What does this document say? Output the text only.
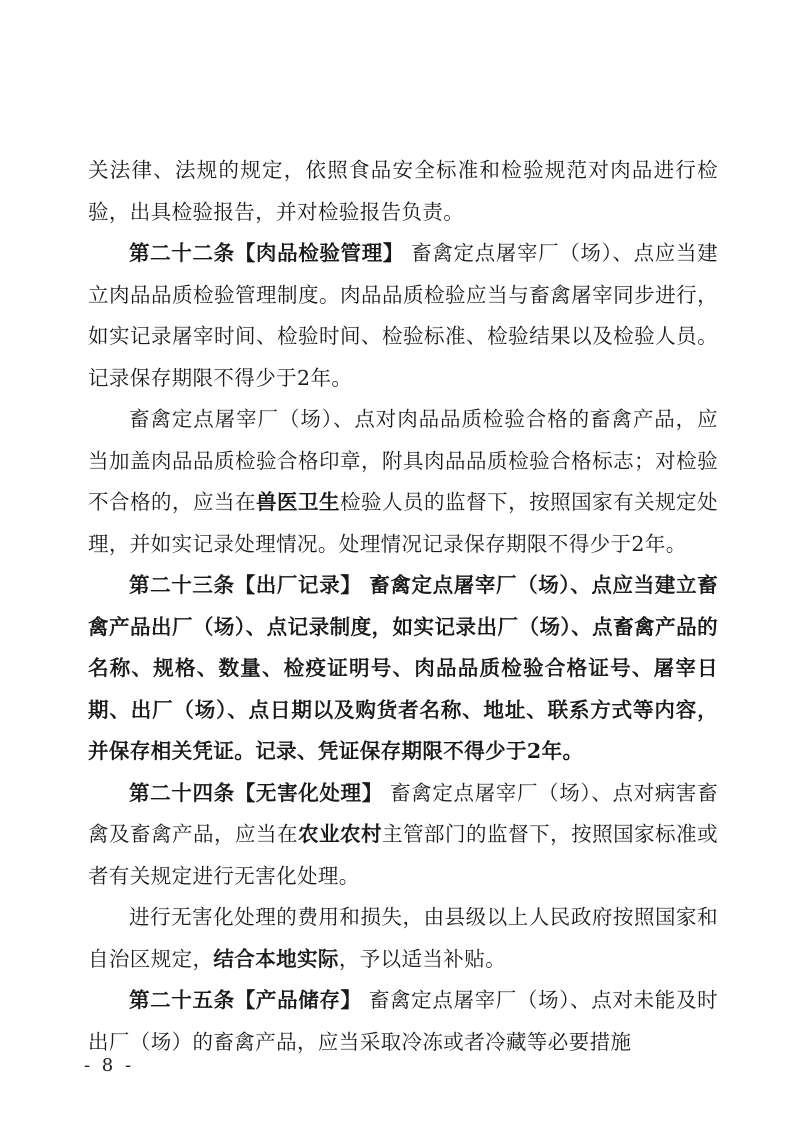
关法律、法规的规定，依照食品安全标准和检验规范对肉品进行检验，出具检验报告，并对检验报告负责。

第二十二条【肉品检验管理】 畜禽定点屠宰厂（场）、点应当建立肉品品质检验管理制度。肉品品质检验应当与畜禽屠宰同步进行，如实记录屠宰时间、检验时间、检验标准、检验结果以及检验人员。记录保存期限不得少于2年。

畜禽定点屠宰厂（场）、点对肉品品质检验合格的畜禽产品，应当加盖肉品品质检验合格印章，附具肉品品质检验合格标志；对检验不合格的，应当在兽医卫生检验人员的监督下，按照国家有关规定处理，并如实记录处理情况。处理情况记录保存期限不得少于2年。

第二十三条【出厂记录】 畜禽定点屠宰厂（场）、点应当建立畜禽产品出厂（场）、点记录制度，如实记录出厂（场）、点畜禽产品的名称、规格、数量、检疫证明号、肉品品质检验合格证号、屠宰日期、出厂（场）、点日期以及购货者名称、地址、联系方式等内容，并保存相关凭证。记录、凭证保存期限不得少于2年。

第二十四条【无害化处理】 畜禽定点屠宰厂（场）、点对病害畜禽及畜禽产品，应当在农业农村主管部门的监督下，按照国家标准或者有关规定进行无害化处理。

进行无害化处理的费用和损失，由县级以上人民政府按照国家和自治区规定，结合本地实际，予以适当补贴。

第二十五条【产品储存】 畜禽定点屠宰厂（场）、点对未能及时出厂（场）的畜禽产品，应当采取冷冻或者冷藏等必要措施

- 8 -
